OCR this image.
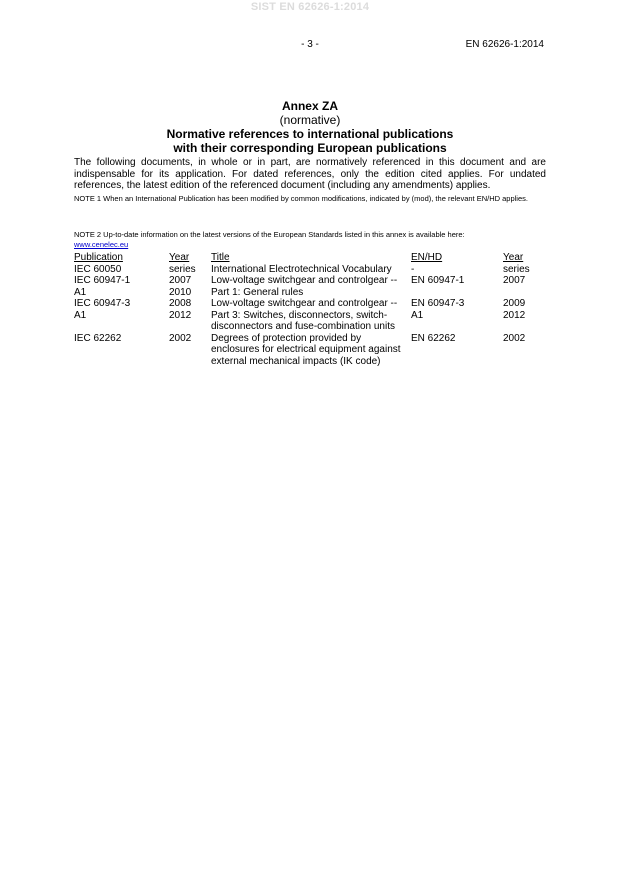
SIST EN 62626-1:2014
- 3 -	EN 62626-1:2014
Annex ZA
(normative)
Normative references to international publications
with their corresponding European publications
The following documents, in whole or in part, are normatively referenced in this document and are indispensable for its application. For dated references, only the edition cited applies. For undated references, the latest edition of the referenced document (including any amendments) applies.
NOTE 1 When an International Publication has been modified by common modifications, indicated by (mod), the relevant EN/HD applies.
NOTE 2 Up-to-date information on the latest versions of the European Standards listed in this annex is available here:
www.cenelec.eu
Publication	Year	Title	EN/HD	Year
IEC 60050	series	International Electrotechnical Vocabulary	-	series
IEC 60947-1	2007	Low-voltage switchgear and controlgear --	EN 60947-1	2007
A1	2010	Part 1: General rules		
IEC 60947-3	2008	Low-voltage switchgear and controlgear --	EN 60947-3	2009
A1	2012	Part 3: Switches, disconnectors, switch-disconnectors and fuse-combination units	A1	2012
IEC 62262	2002	Degrees of protection provided by enclosures for electrical equipment against external mechanical impacts (IK code)	EN 62262	2002
